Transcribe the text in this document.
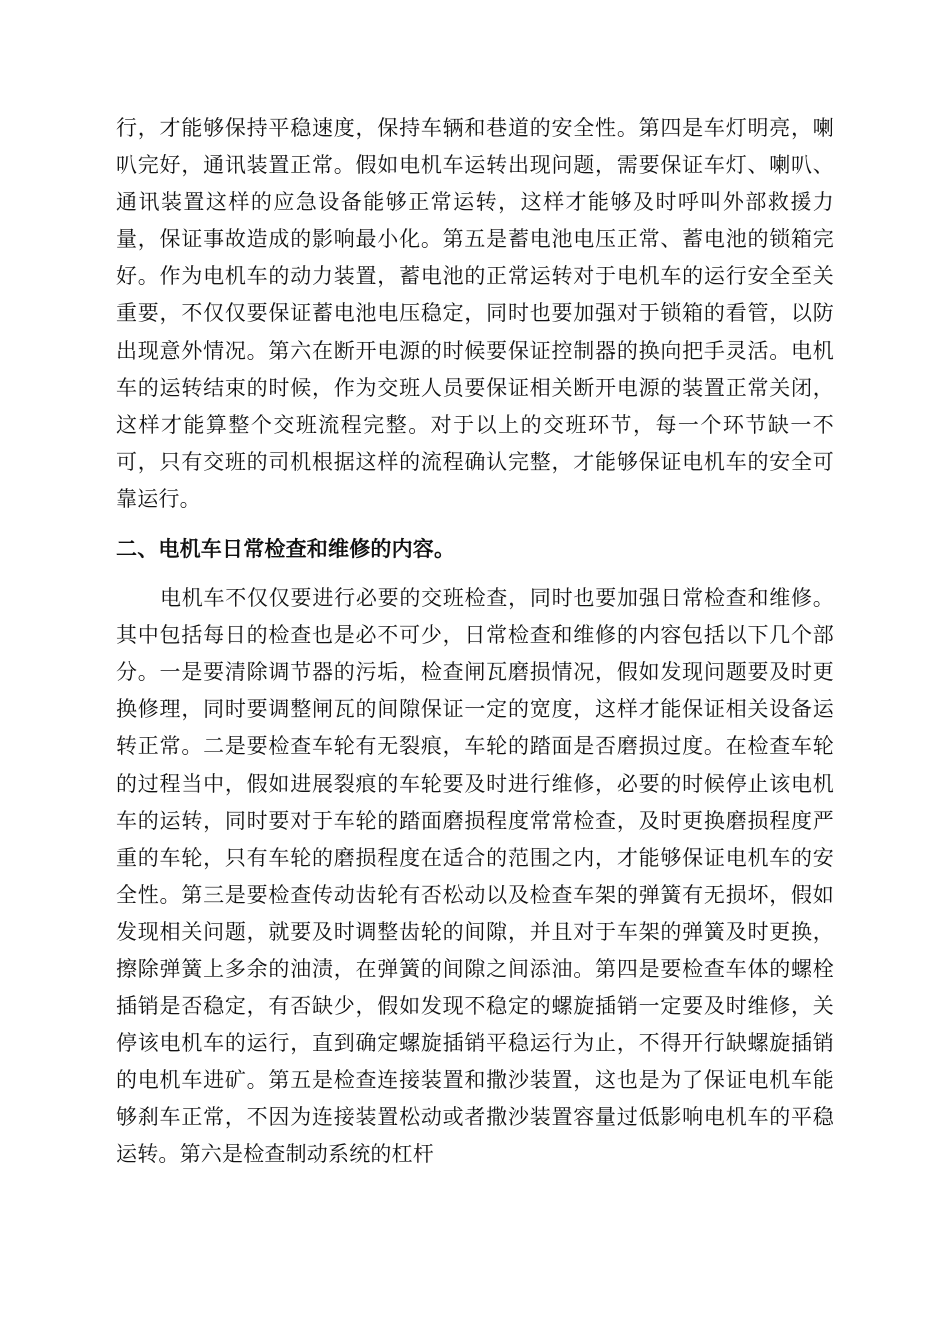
行，才能够保持平稳速度，保持车辆和巷道的安全性。第四是车灯明亮，喇叭完好，通讯装置正常。假如电机车运转出现问题，需要保证车灯、喇叭、通讯装置这样的应急设备能够正常运转，这样才能够及时呼叫外部救援力量，保证事故造成的影响最小化。第五是蓄电池电压正常、蓄电池的锁箱完好。作为电机车的动力装置，蓄电池的正常运转对于电机车的运行安全至关重要，不仅仅要保证蓄电池电压稳定，同时也要加强对于锁箱的看管，以防出现意外情况。第六在断开电源的时候要保证控制器的换向把手灵活。电机车的运转结束的时候，作为交班人员要保证相关断开电源的装置正常关闭，这样才能算整个交班流程完整。对于以上的交班环节，每一个环节缺一不可，只有交班的司机根据这样的流程确认完整，才能够保证电机车的安全可靠运行。

二、电机车日常检查和维修的内容。

电机车不仅仅要进行必要的交班检查，同时也要加强日常检查和维修。其中包括每日的检查也是必不可少，日常检查和维修的内容包括以下几个部分。一是要清除调节器的污垢，检查闸瓦磨损情况，假如发现问题要及时更换修理，同时要调整闸瓦的间隙保证一定的宽度，这样才能保证相关设备运转正常。二是要检查车轮有无裂痕，车轮的踏面是否磨损过度。在检查车轮的过程当中，假如进展裂痕的车轮要及时进行维修，必要的时候停止该电机车的运转，同时要对于车轮的踏面磨损程度常常检查，及时更换磨损程度严重的车轮，只有车轮的磨损程度在适合的范围之内，才能够保证电机车的安全性。第三是要检查传动齿轮有否松动以及检查车架的弹簧有无损坏，假如发现相关问题，就要及时调整齿轮的间隙，并且对于车架的弹簧及时更换，擦除弹簧上多余的油渍，在弹簧的间隙之间添油。第四是要检查车体的螺栓插销是否稳定，有否缺少，假如发现不稳定的螺旋插销一定要及时维修，关停该电机车的运行，直到确定螺旋插销平稳运行为止，不得开行缺螺旋插销的电机车进矿。第五是检查连接装置和撒沙装置，这也是为了保证电机车能够刹车正常，不因为连接装置松动或者撒沙装置容量过低影响电机车的平稳运转。第六是检查制动系统的杠杆
